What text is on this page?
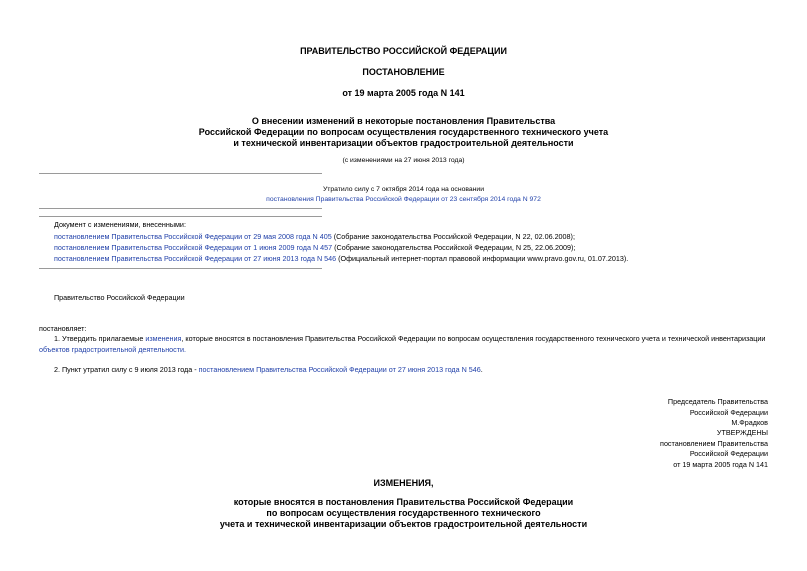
ПРАВИТЕЛЬСТВО РОССИЙСКОЙ ФЕДЕРАЦИИ
ПОСТАНОВЛЕНИЕ
от 19 марта 2005 года N 141
О внесении изменений в некоторые постановления Правительства
Российской Федерации по вопросам осуществления государственного технического учета
и технической инвентаризации объектов градостроительной деятельности
(с изменениями на 27 июня 2013 года)
Утратило силу с 7 октября 2014 года на основании
постановления Правительства Российской Федерации от 23 сентября 2014 года N 972
Документ с изменениями, внесенными:
постановлением Правительства Российской Федерации от 29 мая 2008 года N 405 (Собрание законодательства Российской Федерации, N 22, 02.06.2008);
постановлением Правительства Российской Федерации от 1 июня 2009 года N 457 (Собрание законодательства Российской Федерации, N 25, 22.06.2009);
постановлением Правительства Российской Федерации от 27 июня 2013 года N 546 (Официальный интернет-портал правовой информации www.pravo.gov.ru, 01.07.2013).
Правительство Российской Федерации
постановляет:
1. Утвердить прилагаемые изменения, которые вносятся в постановления Правительства Российской Федерации по вопросам осуществления государственного технического учета и технической инвентаризации
объектов градостроительной деятельности.
2. Пункт утратил силу с 9 июля 2013 года - постановлением Правительства Российской Федерации от 27 июня 2013 года N 546.
Председатель Правительства
Российской Федерации
М.Фрадков
УТВЕРЖДЕНЫ
постановлением Правительства
Российской Федерации
от 19 марта 2005 года N 141
ИЗМЕНЕНИЯ,
которые вносятся в постановления Правительства Российской Федерации
по вопросам осуществления государственного технического
учета и технической инвентаризации объектов градостроительной деятельности
